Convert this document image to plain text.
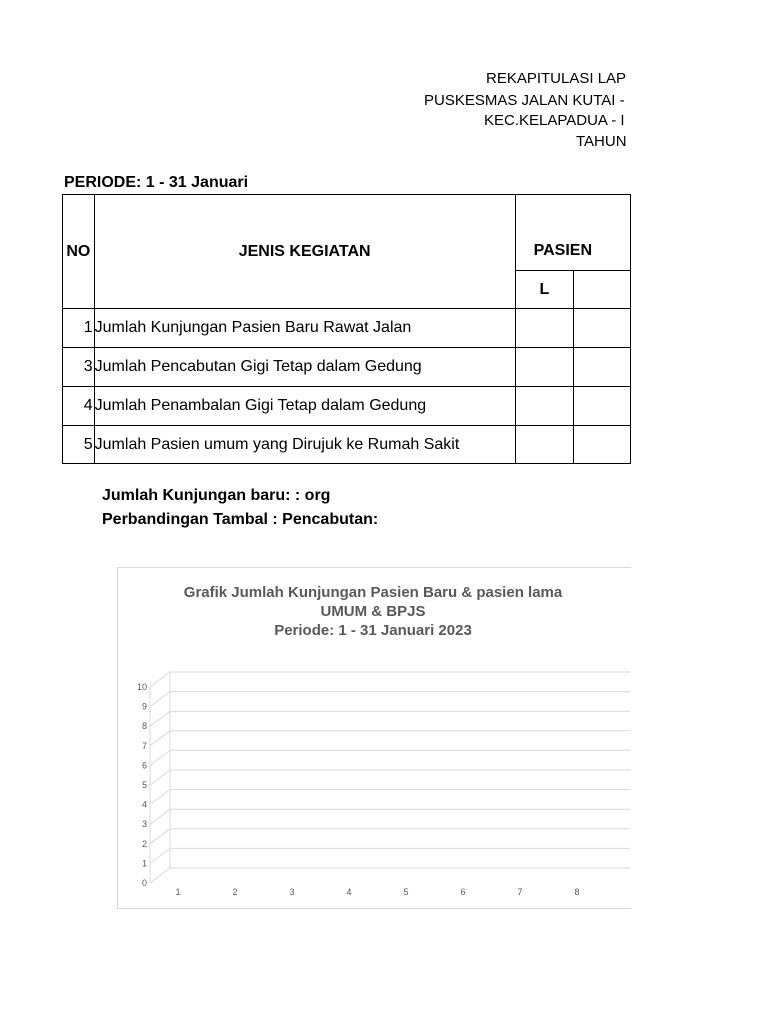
REKAPITULASI LAP
PUSKESMAS JALAN KUTAI -
KEC.KELAPADUA - I
TAHUN
PERIODE: 1 - 31 Januari
NO	JENIS KEGIATAN		
		PASIEN	
		L	
1	Jumlah Kunjungan Pasien Baru Rawat Jalan		
3	Jumlah Pencabutan Gigi Tetap dalam Gedung		
4	Jumlah Penambalan Gigi Tetap dalam Gedung		
5	Jumlah Pasien umum yang Dirujuk ke Rumah Sakit		
Jumlah Kunjungan baru: : org
Perbandingan Tambal : Pencabutan:
Grafik Jumlah Kunjungan Pasien Baru & pasien lama
UMUM & BPJS
Periode: 1 - 31 Januari 2023
0
1
2
3
4
5
6
7
8
9
10
1	2	3	4	5	6	7	8
